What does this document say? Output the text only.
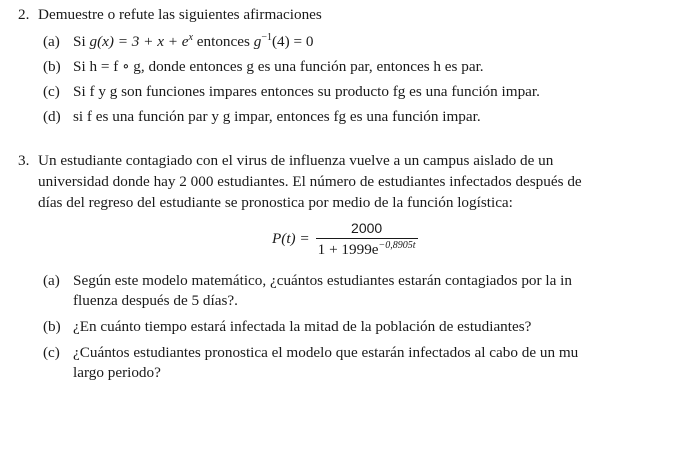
2. Demuestre o refute las siguientes afirmaciones
(a) Si $g(x) = 3 + x + e^x$ entonces $g^{-1}(4) = 0$
(b) Si h = f ∘ g, donde entonces g es una función par, entonces h es par.
(c) Si f y g son funciones impares entonces su producto fg es una función impar.
(d) si f es una función par y g impar, entonces fg es una función impar.
3. Un estudiante contagiado con el virus de influenza vuelve a un campus aislado de un
universidad donde hay 2 000 estudiantes. El número de estudiantes infectados después de
días del regreso del estudiante se pronostica por medio de la función logística:
$P(t) = \frac{2000}{1 + 1999e^{-0,8905t}}$
(a) Según este modelo matemático, ¿cuántos estudiantes estarán contagiados por la in
fluenza después de 5 días?.
(b) ¿En cuánto tiempo estará infectada la mitad de la población de estudiantes?
(c) ¿Cuántos estudiantes pronostica el modelo que estarán infectados al cabo de un mu
largo periodo?
